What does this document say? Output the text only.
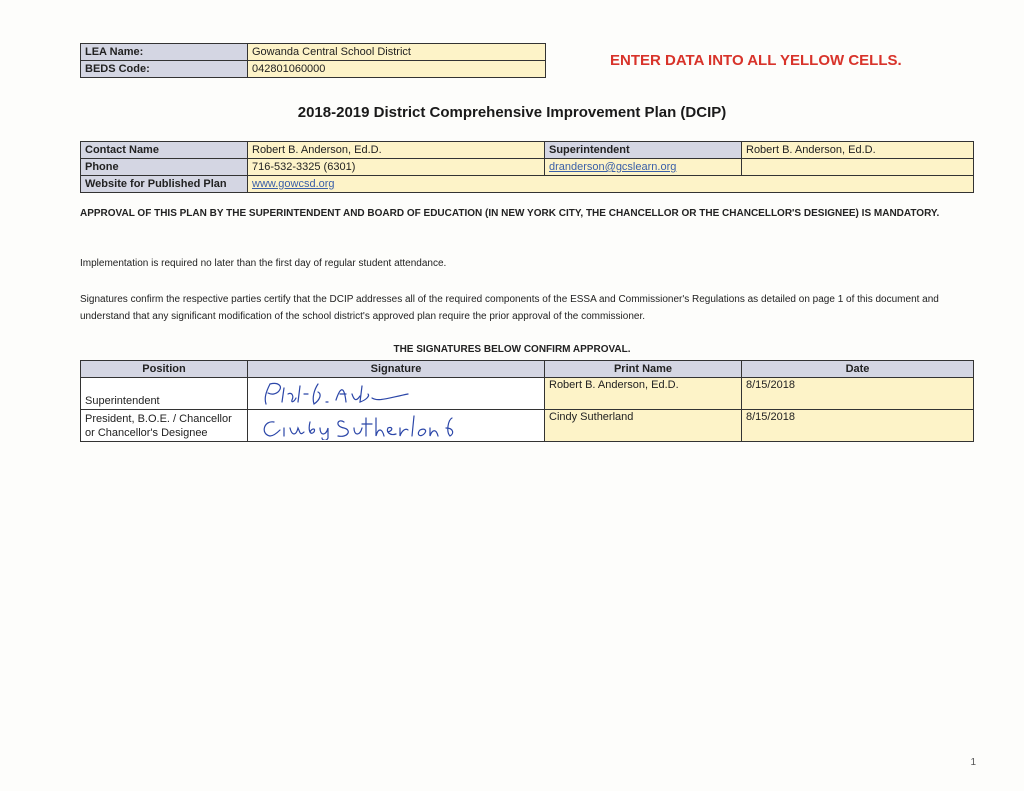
LEA Name:	Gowanda Central School District
BEDS Code:	042801060000	ENTER DATA INTO ALL YELLOW CELLS.
2018-2019 District Comprehensive Improvement Plan (DCIP)
Contact Name	Robert B. Anderson, Ed.D.	Superintendent	Robert B. Anderson, Ed.D.
Phone	716-532-3325 (6301)	dranderson@gcslearn.org	
Website for Published Plan	www.gowcsd.org		
APPROVAL OF THIS PLAN BY THE SUPERINTENDENT AND BOARD OF EDUCATION (IN NEW YORK CITY, THE CHANCELLOR OR THE CHANCELLOR'S DESIGNEE) IS MANDATORY.
Implementation is required no later than the first day of regular student attendance.
Signatures confirm the respective parties certify that the DCIP addresses all of the required components of the ESSA and Commissioner's Regulations as detailed on page 1 of this document and understand that any significant modification of the school district's approved plan require the prior approval of the commissioner.
THE SIGNATURES BELOW CONFIRM APPROVAL.
Position	Signature	Print Name	Date
Superintendent		Robert B. Anderson, Ed.D.	8/15/2018
President, B.O.E. / Chancellor or Chancellor's Designee		Cindy Sutherland	8/15/2018
1
